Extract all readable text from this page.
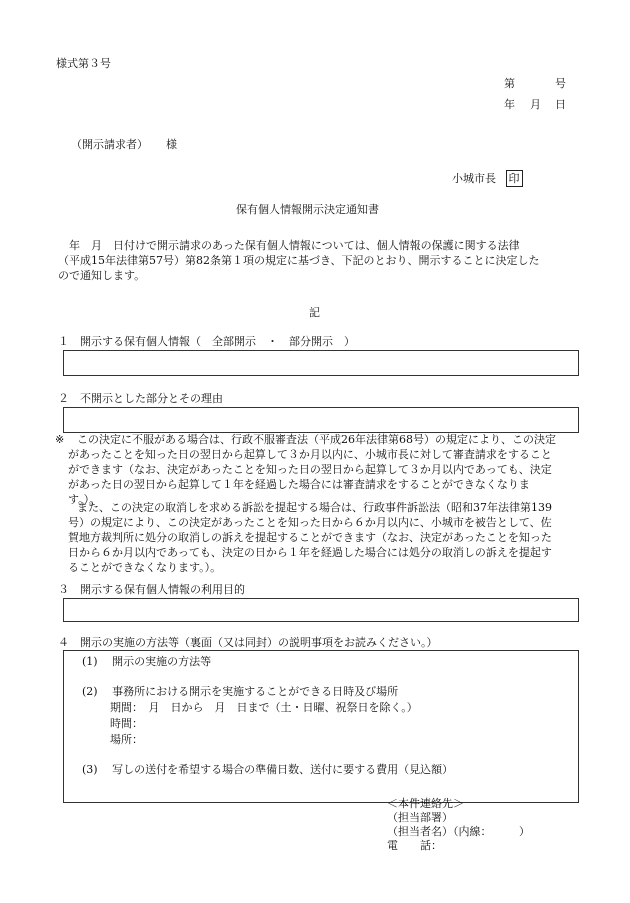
様式第３号
第	号
年 月 日
（開示請求者） 様
小城市長 印
保有個人情報開示決定通知書
　年　月　日付けで開示請求のあった保有個人情報については、個人情報の保護に関する法律
（平成15年法律第57号）第82条第１項の規定に基づき、下記のとおり、開示することに決定した
ので通知します。
記
１　開示する保有個人情報（　全部開示　・　部分開示　）
２　不開示とした部分とその理由
※	この決定に不服がある場合は、行政不服審査法（平成26年法律第68号）の規定により、この決定
があったことを知った日の翌日から起算して３か月以内に、小城市長に対して審査請求をすること
ができます（なお、決定があったことを知った日の翌日から起算して３か月以内であっても、決定
があった日の翌日から起算して１年を経過した場合には審査請求をすることができなくなりま
す。）。
また、この決定の取消しを求める訴訟を提起する場合は、行政事件訴訟法（昭和37年法律第139
号）の規定により、この決定があったことを知った日から６か月以内に、小城市を被告として、佐
賀地方裁判所に処分の取消しの訴えを提起することができます（なお、決定があったことを知った
日から６か月以内であっても、決定の日から１年を経過した場合には処分の取消しの訴えを提起す
ることができなくなります。）。
３　開示する保有個人情報の利用目的
４　開示の実施の方法等（裏面（又は同封）の説明事項をお読みください。）
(1)　 開示の実施の方法等
(2)　 事務所における開示を実施することができる日時及び場所
期間：　月　日から　月　日まで（土・日曜、祝祭日を除く。）
時間：
場所：
(3)　 写しの送付を希望する場合の準備日数、送付に要する費用（見込額）
＜本件連絡先＞
（担当部署）
（担当者名）（内線：　　　）
電　　話：
